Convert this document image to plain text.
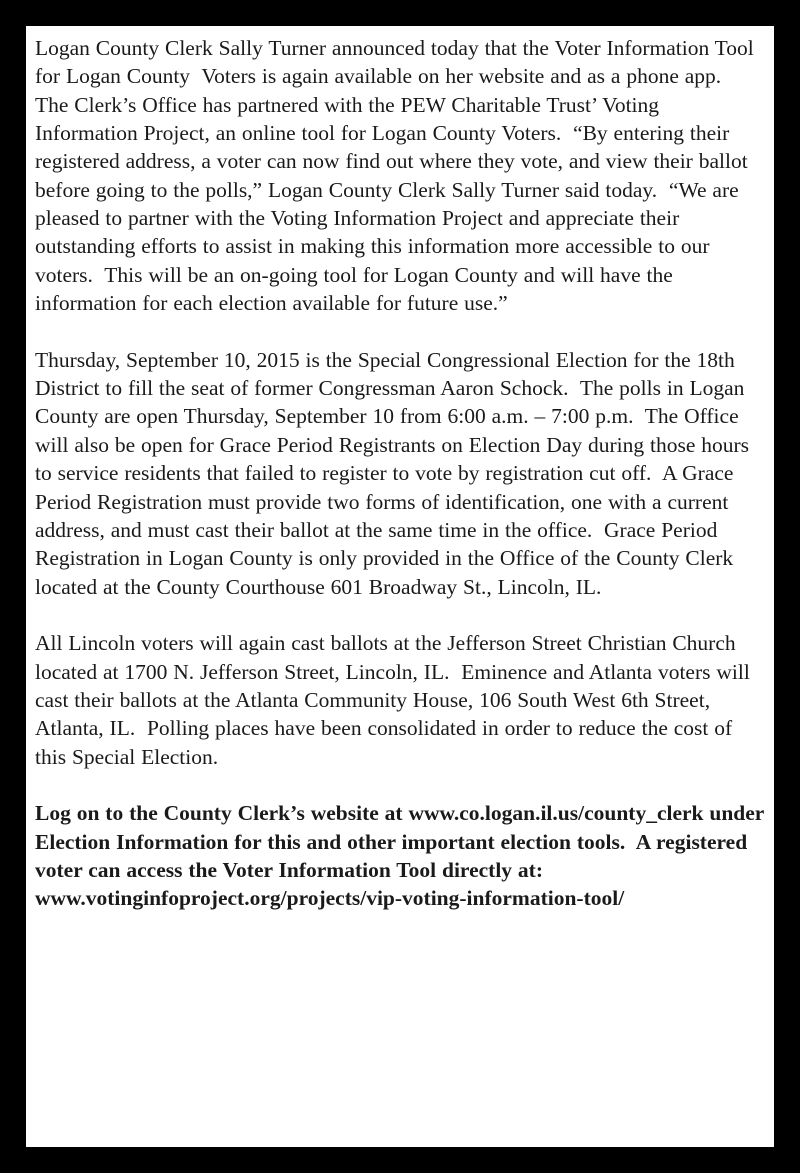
Logan County Clerk Sally Turner announced today that the Voter Information Tool for Logan County  Voters is again available on her website and as a phone app.  The Clerk’s Office has partnered with the PEW Charitable Trust’ Voting Information Project, an online tool for Logan County Voters.  “By entering their registered address, a voter can now find out where they vote, and view their ballot before going to the polls,” Logan County Clerk Sally Turner said today.  “We are pleased to partner with the Voting Information Project and appreciate their outstanding efforts to assist in making this information more accessible to our voters.  This will be an on-going tool for Logan County and will have the information for each election available for future use.”

Thursday, September 10, 2015 is the Special Congressional Election for the 18th District to fill the seat of former Congressman Aaron Schock.  The polls in Logan County are open Thursday, September 10 from 6:00 a.m. – 7:00 p.m.  The Office will also be open for Grace Period Registrants on Election Day during those hours to service residents that failed to register to vote by registration cut off.  A Grace Period Registration must provide two forms of identification, one with a current address, and must cast their ballot at the same time in the office.  Grace Period Registration in Logan County is only provided in the Office of the County Clerk located at the County Courthouse 601 Broadway St., Lincoln, IL.

All Lincoln voters will again cast ballots at the Jefferson Street Christian Church located at 1700 N. Jefferson Street, Lincoln, IL.  Eminence and Atlanta voters will cast their ballots at the Atlanta Community House, 106 South West 6th Street, Atlanta, IL.  Polling places have been consolidated in order to reduce the cost of this Special Election.

Log on to the County Clerk’s website at www.co.logan.il.us/county_clerk under Election Information for this and other important election tools.  A registered voter can access the Voter Information Tool directly at: www.votinginfoproject.org/projects/vip-voting-information-tool/
